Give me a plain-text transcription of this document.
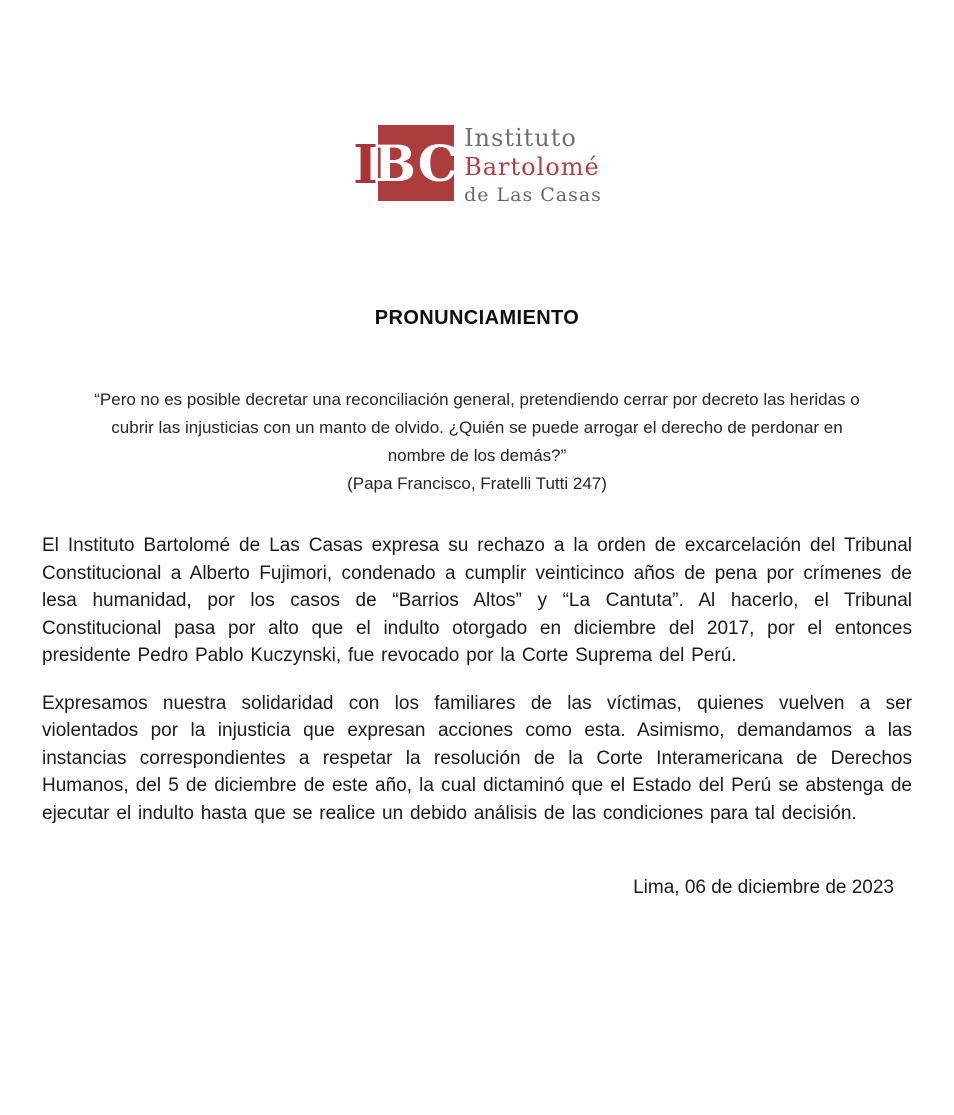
I
BC Instituto
Bartolomé
de Las Casas
PRONUNCIAMIENTO
“Pero no es posible decretar una reconciliación general, pretendiendo cerrar por decreto las heridas o
cubrir las injusticias con un manto de olvido. ¿Quién se puede arrogar el derecho de perdonar en
nombre de los demás?”
(Papa Francisco, Fratelli Tutti 247)

El Instituto Bartolomé de Las Casas expresa su rechazo a la orden de excarcelación del Tribunal Constitucional a Alberto Fujimori, condenado a cumplir veinticinco años de pena por crímenes de lesa humanidad, por los casos de “Barrios Altos” y “La Cantuta”. Al hacerlo, el Tribunal Constitucional pasa por alto que el indulto otorgado en diciembre del 2017, por el entonces presidente Pedro Pablo Kuczynski, fue revocado por la Corte Suprema del Perú.

Expresamos nuestra solidaridad con los familiares de las víctimas, quienes vuelven a ser violentados por la injusticia que expresan acciones como esta. Asimismo, demandamos a las instancias correspondientes a respetar la resolución de la Corte Interamericana de Derechos Humanos, del 5 de diciembre de este año, la cual dictaminó que el Estado del Perú se abstenga de ejecutar el indulto hasta que se realice un debido análisis de las condiciones para tal decisión.

Lima, 06 de diciembre de 2023
